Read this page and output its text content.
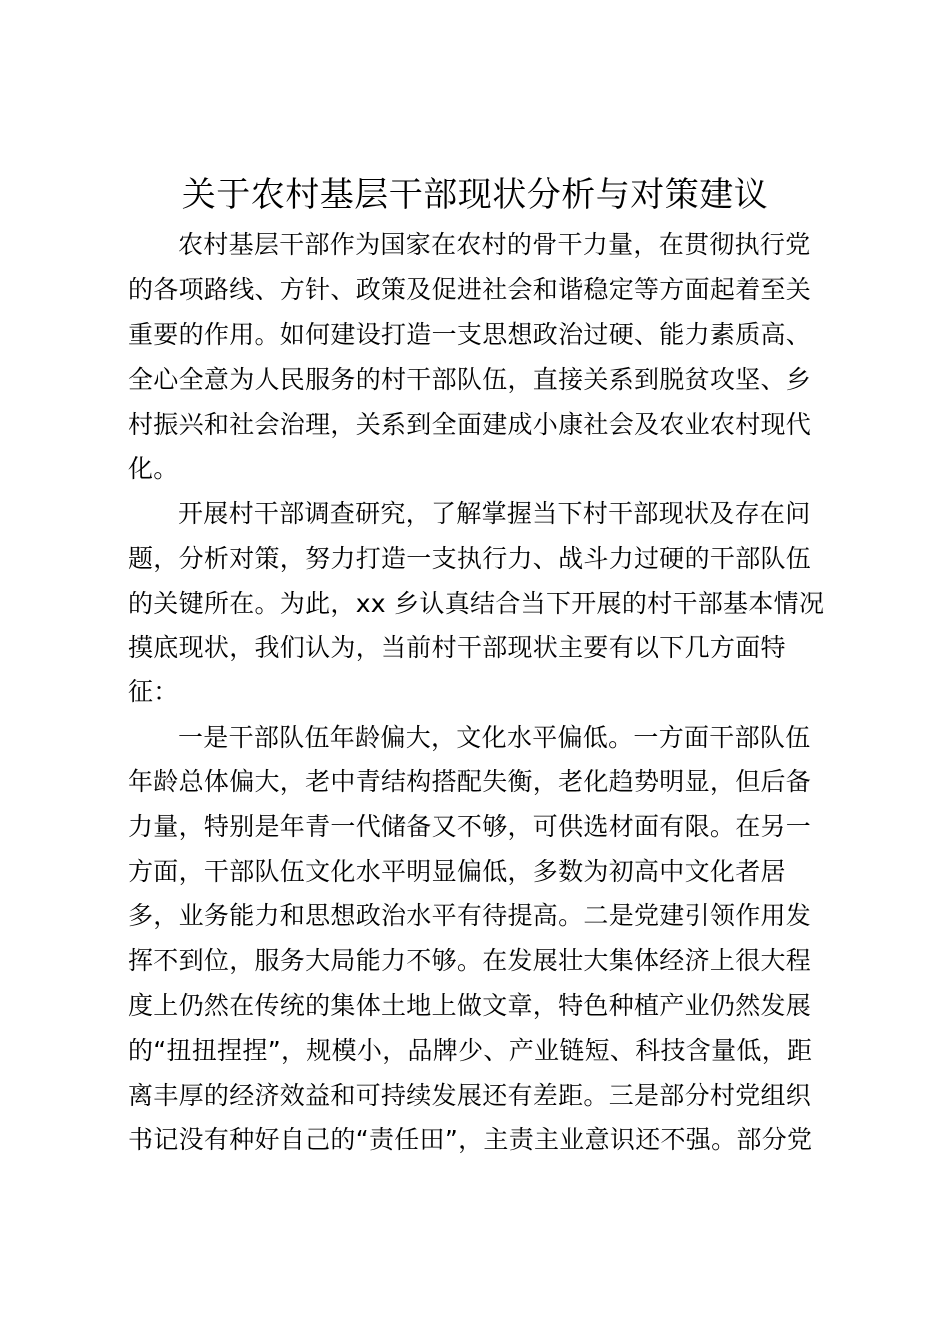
关于农村基层干部现状分析与对策建议
农村基层干部作为国家在农村的骨干力量，在贯彻执行党
的各项路线、方针、政策及促进社会和谐稳定等方面起着至关
重要的作用。如何建设打造一支思想政治过硬、能力素质高、
全心全意为人民服务的村干部队伍，直接关系到脱贫攻坚、乡
村振兴和社会治理，关系到全面建成小康社会及农业农村现代
化。
开展村干部调查研究，了解掌握当下村干部现状及存在问
题，分析对策，努力打造一支执行力、战斗力过硬的干部队伍
的关键所在。为此，xx 乡认真结合当下开展的村干部基本情况
摸底现状，我们认为，当前村干部现状主要有以下几方面特
征：
一是干部队伍年龄偏大，文化水平偏低。一方面干部队伍
年龄总体偏大，老中青结构搭配失衡，老化趋势明显，但后备
力量，特别是年青一代储备又不够，可供选材面有限。在另一
方面，干部队伍文化水平明显偏低，多数为初高中文化者居
多，业务能力和思想政治水平有待提高。二是党建引领作用发
挥不到位，服务大局能力不够。在发展壮大集体经济上很大程
度上仍然在传统的集体土地上做文章，特色种植产业仍然发展
的“扭扭捏捏”，规模小，品牌少、产业链短、科技含量低，距
离丰厚的经济效益和可持续发展还有差距。三是部分村党组织
书记没有种好自己的“责任田”，主责主业意识还不强。部分党
